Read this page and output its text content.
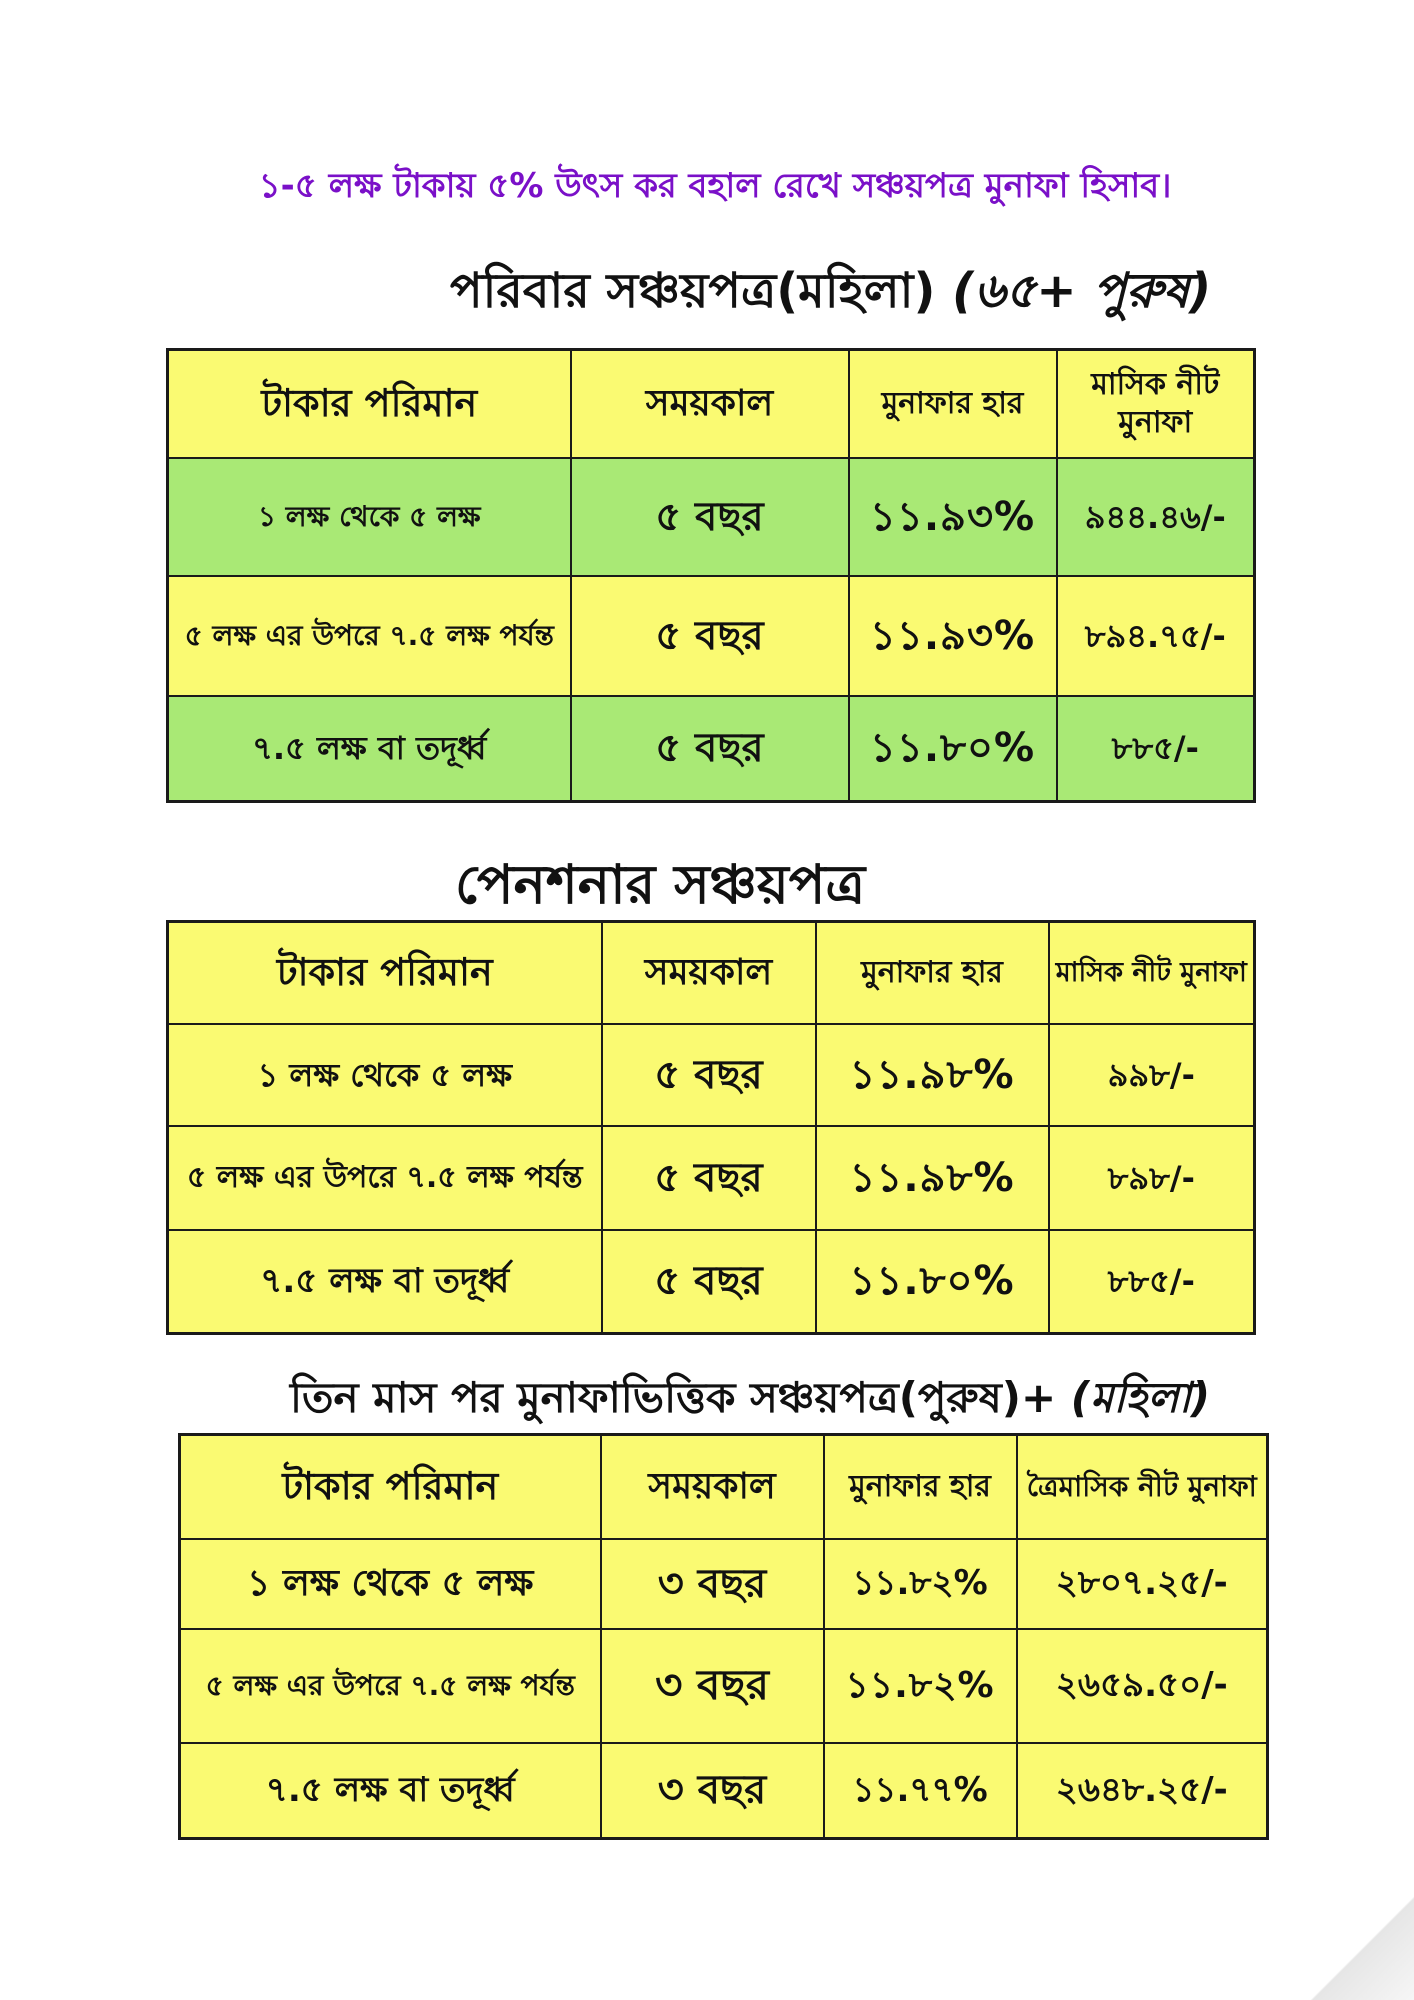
১-৫ লক্ষ টাকায় ৫% উৎস কর বহাল রেখে সঞ্চয়পত্র মুনাফা হিসাব।
পরিবার সঞ্চয়পত্র(মহিলা) (৬৫+ পুরুষ)
টাকার পরিমান	সময়কাল	মুনাফার হার	মাসিক নীট মুনাফা
১ লক্ষ থেকে ৫ লক্ষ	৫ বছর	১১.৯৩%	৯৪৪.৪৬/-
৫ লক্ষ এর উপরে ৭.৫ লক্ষ পর্যন্ত	৫ বছর	১১.৯৩%	৮৯৪.৭৫/-
৭.৫ লক্ষ বা তদূর্ধ্ব	৫ বছর	১১.৮০%	৮৮৫/-
পেনশনার সঞ্চয়পত্র
টাকার পরিমান	সময়কাল	মুনাফার হার	মাসিক নীট মুনাফা
১ লক্ষ থেকে ৫ লক্ষ	৫ বছর	১১.৯৮%	৯৯৮/-
৫ লক্ষ এর উপরে ৭.৫ লক্ষ পর্যন্ত	৫ বছর	১১.৯৮%	৮৯৮/-
৭.৫ লক্ষ বা তদূর্ধ্ব	৫ বছর	১১.৮০%	৮৮৫/-
তিন মাস পর মুনাফাভিত্তিক সঞ্চয়পত্র(পুরুষ)+ (মহিলা)
টাকার পরিমান	সময়কাল	মুনাফার হার	ত্রৈমাসিক নীট মুনাফা
১ লক্ষ থেকে ৫ লক্ষ	৩ বছর	১১.৮২%	২৮০৭.২৫/-
৫ লক্ষ এর উপরে ৭.৫ লক্ষ পর্যন্ত	৩ বছর	১১.৮২%	২৬৫৯.৫০/-
৭.৫ লক্ষ বা তদূর্ধ্ব	৩ বছর	১১.৭৭%	২৬৪৮.২৫/-
